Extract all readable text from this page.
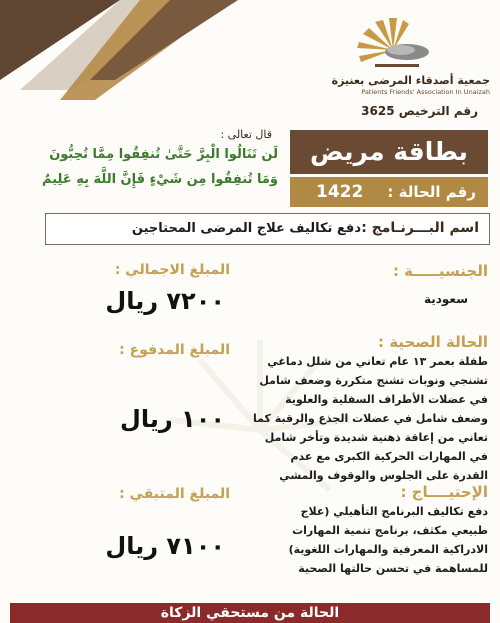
جمعية أصدقاء المرضى بعنيزة
Patients Friends' Association In Unaizah
رقم الترخيص 3625
بطاقة مريض
رقم الحالة :
1422
قال تعالى :
لَن تَنَالُوا الْبِرَّ حَتَّىٰ تُنفِقُوا مِمَّا تُحِبُّونَ
وَمَا تُنفِقُوا مِن شَيْءٍ فَإِنَّ اللَّهَ بِهِ عَلِيمٌ
اسم البـــرنـامج :
دفع تكاليف علاج المرضى المحتاجين
الجنسيـــــة :
سعودية
الحالة الصحية :
طفلة بعمر ١٣ عام تعاني من شلل دماغي تشنجي ونوبات تشنج متكررة وضعف شامل في عضلات الأطراف السفلية والعلوية وضعف شامل في عضلات الجذع والرقبة كما تعاني من إعاقة ذهنية شديدة وتأخر شامل في المهارات الحركية الكبرى مع عدم القدرة على الجلوس والوقوف والمشي
الإحتيــــاج :
دفع تكاليف البرنامج التأهيلي (علاج طبيعي مكثف، برنامج تنمية المهارات الادراكية المعرفية والمهارات اللغوية) للمساهمة في تحسن حالتها الصحية
المبلغ الاجمالي :
٧٢٠٠ ريال
المبلغ المدفوع :
١٠٠ ريال
المبلغ المتبقي :
٧١٠٠ ريال
الحالة من مستحقي الزكاة
